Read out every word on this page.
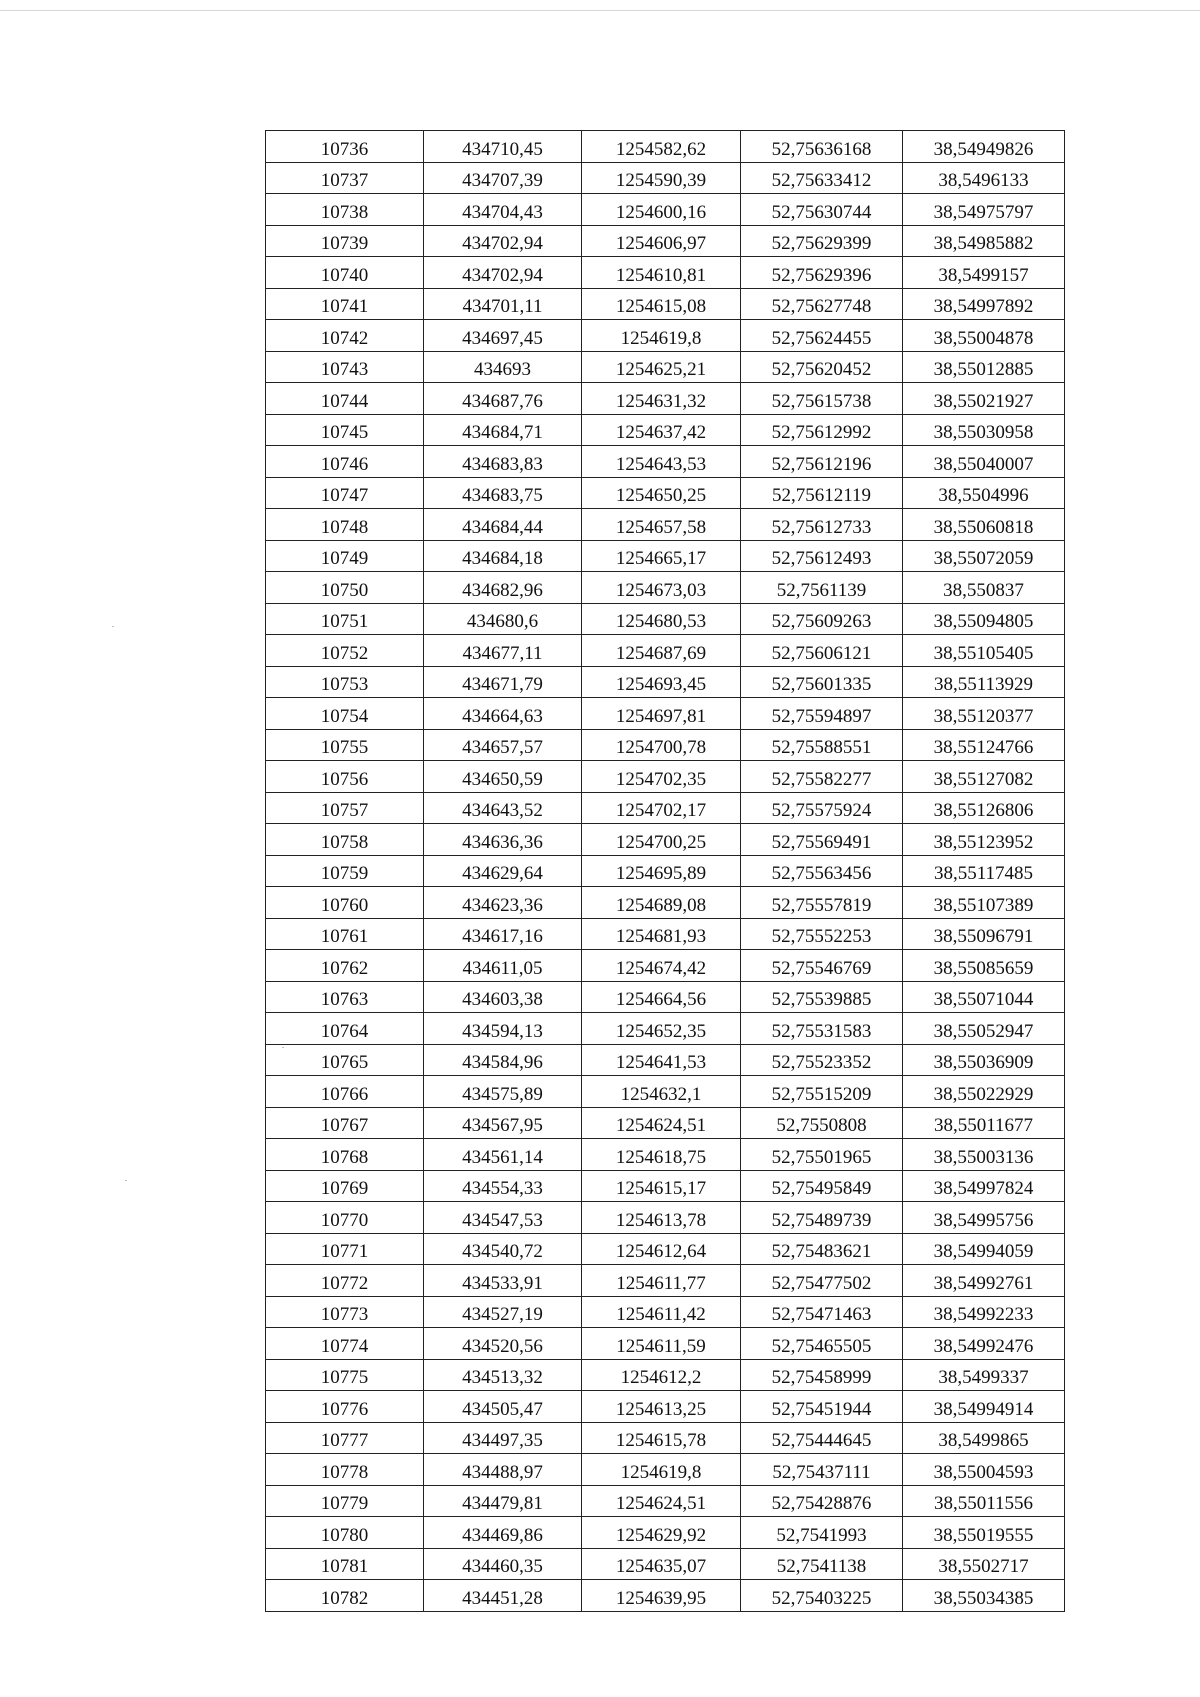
10736	434710,45	1254582,62	52,75636168	38,54949826
10737	434707,39	1254590,39	52,75633412	38,5496133
10738	434704,43	1254600,16	52,75630744	38,54975797
10739	434702,94	1254606,97	52,75629399	38,54985882
10740	434702,94	1254610,81	52,75629396	38,5499157
10741	434701,11	1254615,08	52,75627748	38,54997892
10742	434697,45	1254619,8	52,75624455	38,55004878
10743	434693	1254625,21	52,75620452	38,55012885
10744	434687,76	1254631,32	52,75615738	38,55021927
10745	434684,71	1254637,42	52,75612992	38,55030958
10746	434683,83	1254643,53	52,75612196	38,55040007
10747	434683,75	1254650,25	52,75612119	38,5504996
10748	434684,44	1254657,58	52,75612733	38,55060818
10749	434684,18	1254665,17	52,75612493	38,55072059
10750	434682,96	1254673,03	52,7561139	38,550837
10751	434680,6	1254680,53	52,75609263	38,55094805
10752	434677,11	1254687,69	52,75606121	38,55105405
10753	434671,79	1254693,45	52,75601335	38,55113929
10754	434664,63	1254697,81	52,75594897	38,55120377
10755	434657,57	1254700,78	52,75588551	38,55124766
10756	434650,59	1254702,35	52,75582277	38,55127082
10757	434643,52	1254702,17	52,75575924	38,55126806
10758	434636,36	1254700,25	52,75569491	38,55123952
10759	434629,64	1254695,89	52,75563456	38,55117485
10760	434623,36	1254689,08	52,75557819	38,55107389
10761	434617,16	1254681,93	52,75552253	38,55096791
10762	434611,05	1254674,42	52,75546769	38,55085659
10763	434603,38	1254664,56	52,75539885	38,55071044
10764	434594,13	1254652,35	52,75531583	38,55052947
10765	434584,96	1254641,53	52,75523352	38,55036909
10766	434575,89	1254632,1	52,75515209	38,55022929
10767	434567,95	1254624,51	52,7550808	38,55011677
10768	434561,14	1254618,75	52,75501965	38,55003136
10769	434554,33	1254615,17	52,75495849	38,54997824
10770	434547,53	1254613,78	52,75489739	38,54995756
10771	434540,72	1254612,64	52,75483621	38,54994059
10772	434533,91	1254611,77	52,75477502	38,54992761
10773	434527,19	1254611,42	52,75471463	38,54992233
10774	434520,56	1254611,59	52,75465505	38,54992476
10775	434513,32	1254612,2	52,75458999	38,5499337
10776	434505,47	1254613,25	52,75451944	38,54994914
10777	434497,35	1254615,78	52,75444645	38,5499865
10778	434488,97	1254619,8	52,75437111	38,55004593
10779	434479,81	1254624,51	52,75428876	38,55011556
10780	434469,86	1254629,92	52,7541993	38,55019555
10781	434460,35	1254635,07	52,7541138	38,5502717
10782	434451,28	1254639,95	52,75403225	38,55034385
